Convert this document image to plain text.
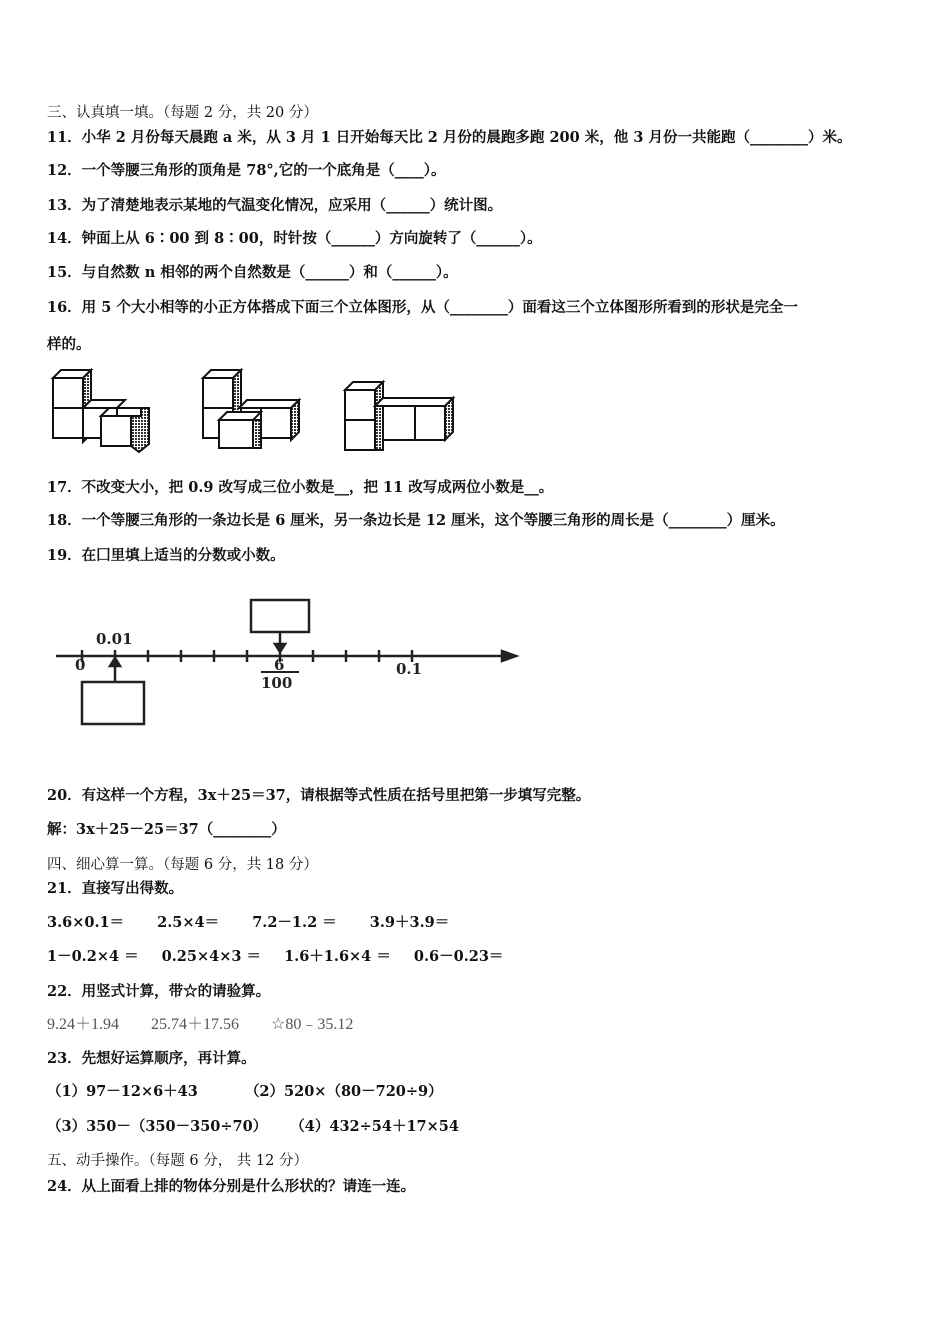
三、认真填一填。（每题 2 分，共 20 分）
11．小华 2 月份每天晨跑 a 米，从 3 月 1 日开始每天比 2 月份的晨跑多跑 200 米，他 3 月份一共能跑（________）米。
12．一个等腰三角形的顶角是 78°,它的一个底角是（____）。
13．为了清楚地表示某地的气温变化情况，应采用（______）统计图。
14．钟面上从 6∶00 到 8∶00，时针按（______）方向旋转了（______）。
15．与自然数 n 相邻的两个自然数是（______）和（______）。
16．用 5 个大小相等的小正方体搭成下面三个立体图形，从（________）面看这三个立体图形所看到的形状是完全一
样的。
17．不改变大小，把 0.9 改写成三位小数是__，把 11 改写成两位小数是__。
18．一个等腰三角形的一条边长是 6 厘米，另一条边长是 12 厘米，这个等腰三角形的周长是（________）厘米。
19．在囗里填上适当的分数或小数。
0.01
0	6
100
0.1
20．有这样一个方程，3x＋25＝37，请根据等式性质在括号里把第一步填写完整。
解：3x＋25－25＝37（________）
四、细心算一算。（每题 6 分，共 18 分）
21．直接写出得数。
3.6×0.1＝ 2.5×4＝ 7.2－1.2 ＝ 3.9＋3.9＝
1－0.2×4 ＝ 0.25×4×3 ＝ 1.6＋1.6×4 ＝ 0.6－0.23＝
22．用竖式计算，带☆的请验算。
9.24＋1.94 25.74＋17.56 ☆80﹣35.12
23．先想好运算顺序，再计算。
（1）97－12×6＋43	（2）520×（80－720÷9）
（3）350－（350－350÷70） （4）432÷54＋17×54
五、动手操作。（每题 6 分， 共 12 分）
24．从上面看上排的物体分别是什么形状的？请连一连。
